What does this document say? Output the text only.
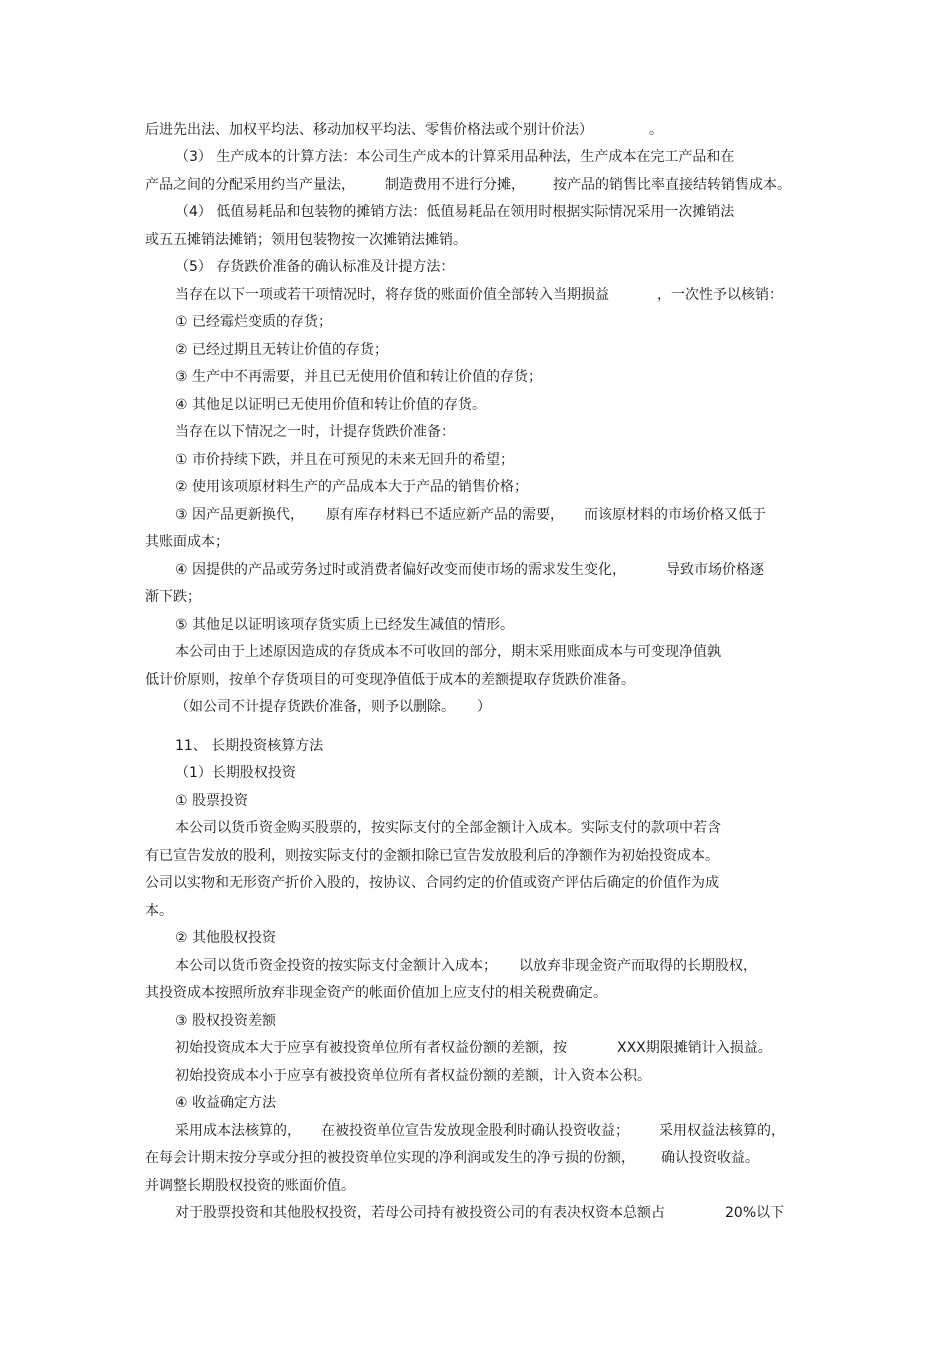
后进先出法、加权平均法、移动加权平均法、零售价格法或个别计价法）	。
（3） 生产成本的计算方法：本公司生产成本的计算采用品种法，生产成本在完工产品和在
产品之间的分配采用约当产量法， 制造费用不进行分摊， 按产品的销售比率直接结转销售成本。
（4） 低值易耗品和包装物的摊销方法：低值易耗品在领用时根据实际情况采用一次摊销法
或五五摊销法摊销；领用包装物按一次摊销法摊销。
（5） 存货跌价准备的确认标准及计提方法：
当存在以下一项或若干项情况时，将存货的账面价值全部转入当期损益	，一次性予以核销：
① 已经霉烂变质的存货；
② 已经过期且无转让价值的存货；
③ 生产中不再需要，并且已无使用价值和转让价值的存货；
④ 其他足以证明已无使用价值和转让价值的存货。
当存在以下情况之一时，计提存货跌价准备：
① 市价持续下跌，并且在可预见的未来无回升的希望；
② 使用该项原材料生产的产品成本大于产品的销售价格；
③ 因产品更新换代， 原有库存材料已不适应新产品的需要， 而该原材料的市场价格又低于
其账面成本；
④ 因提供的产品或劳务过时或消费者偏好改变而使市场的需求发生变化，	导致市场价格逐
渐下跌；
⑤ 其他足以证明该项存货实质上已经发生减值的情形。
本公司由于上述原因造成的存货成本不可收回的部分，期末采用账面成本与可变现净值孰
低计价原则，按单个存货项目的可变现净值低于成本的差额提取存货跌价准备。
（如公司不计提存货跌价准备，则予以删除。 ）
11、 长期投资核算方法
（1）长期股权投资
① 股票投资
本公司以货币资金购买股票的，按实际支付的全部金额计入成本。实际支付的款项中若含
有已宣告发放的股利，则按实际支付的金额扣除已宣告发放股利后的净额作为初始投资成本。
公司以实物和无形资产折价入股的，按协议、合同约定的价值或资产评估后确定的价值作为成
本。
② 其他股权投资
本公司以货币资金投资的按实际支付金额计入成本； 以放弃非现金资产而取得的长期股权，
其投资成本按照所放弃非现金资产的帐面价值加上应支付的相关税费确定。
③ 股权投资差额
初始投资成本大于应享有被投资单位所有者权益份额的差额，按	XXX期限摊销计入损益。
初始投资成本小于应享有被投资单位所有者权益份额的差额，计入资本公积。
④ 收益确定方法
采用成本法核算的， 在被投资单位宣告发放现金股利时确认投资收益； 采用权益法核算的，
在每会计期末按分享或分担的被投资单位实现的净利润或发生的净亏损的份额， 确认投资收益。
并调整长期股权投资的账面价值。
对于股票投资和其他股权投资，若母公司持有被投资公司的有表决权资本总额占	20%以下
